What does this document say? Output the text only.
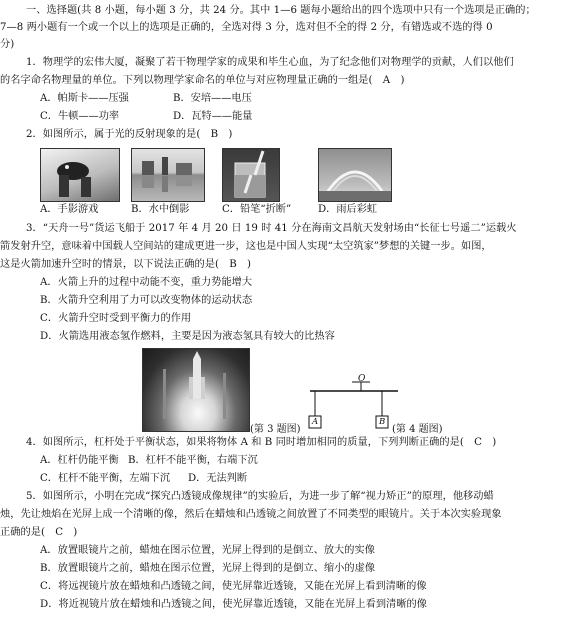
一、选择题(共 8 小题，每小题 3 分，共 24 分。其中 1—6 题每小题给出的四个选项中只有一个选项是正确的；
7—8 两小题有一个或一个以上的选项是正确的，全选对得 3 分，选对但不全的得 2 分，有错选或不选的得 0
分)
1．物理学的宏伟大厦，凝聚了若干物理学家的成果和毕生心血，为了纪念他们对物理学的贡献，人们以他们
的名字命名物理量的单位。下列以物理学家命名的单位与对应物理量正确的一组是(　A　)
A．帕斯卡——压强	B．安培——电压
C．牛顿——功率	D．瓦特——能量
2．如图所示，属于光的反射现象的是(　B　)
A．手影游戏	B．水中倒影	C．铅笔“折断”	D．雨后彩虹
3．“天舟一号”货运飞船于 2017 年 4 月 20 日 19 时 41 分在海南文昌航天发射场由“长征七号遥二”运载火
箭发射升空，意味着中国载人空间站的建成更进一步，这也是中国人实现“太空筑家”梦想的关键一步。如图，
这是火箭加速升空时的情景，以下说法正确的是(　B　)
A．火箭上升的过程中动能不变，重力势能增大
B．火箭升空利用了力可以改变物体的运动状态
C．火箭升空时受到平衡力的作用
D．火箭选用液态氢作燃料，主要是因为液态氢具有较大的比热容
(第 3 题图)
O
A	B
(第 4 题图)
4．如图所示，杠杆处于平衡状态，如果将物体 A 和 B 同时增加相同的质量，下列判断正确的是(　C　)
A．杠杆仍能平衡 B．杠杆不能平衡，右端下沉
C．杠杆不能平衡，左端下沉 D．无法判断
5．如图所示，小明在完成“探究凸透镜成像规律”的实验后，为进一步了解“视力矫正”的原理，他移动蜡
烛，先让烛焰在光屏上成一个清晰的像，然后在蜡烛和凸透镜之间放置了不同类型的眼镜片。关于本次实验现象
正确的是(　C　)
A．放置眼镜片之前，蜡烛在图示位置，光屏上得到的是倒立、放大的实像
B．放置眼镜片之前，蜡烛在图示位置，光屏上得到的是倒立、缩小的虚像
C．将远视镜片放在蜡烛和凸透镜之间，使光屏靠近透镜，又能在光屏上看到清晰的像
D．将近视镜片放在蜡烛和凸透镜之间，使光屏靠近透镜，又能在光屏上看到清晰的像
